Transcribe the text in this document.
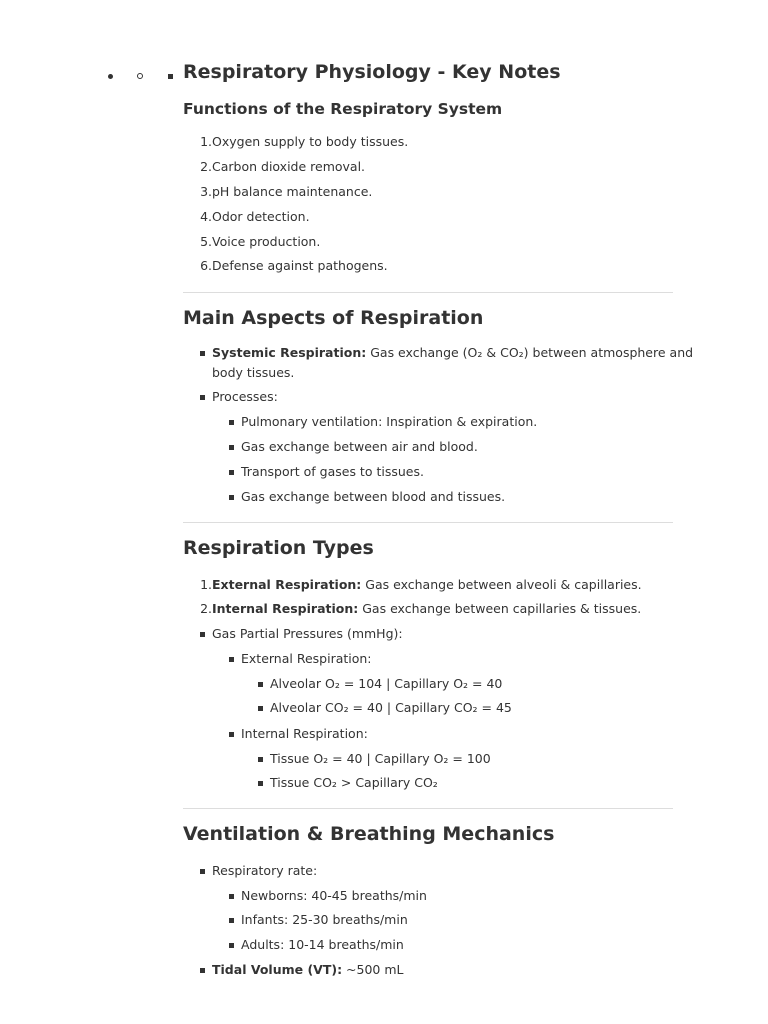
Respiratory Physiology - Key Notes
Functions of the Respiratory System
1. Oxygen supply to body tissues.
2. Carbon dioxide removal.
3. pH balance maintenance.
4. Odor detection.
5. Voice production.
6. Defense against pathogens.
Main Aspects of Respiration
Systemic Respiration: Gas exchange (O₂ & CO₂) between atmosphere and
body tissues.
Processes:
Pulmonary ventilation: Inspiration & expiration.
Gas exchange between air and blood.
Transport of gases to tissues.
Gas exchange between blood and tissues.
Respiration Types
1. External Respiration: Gas exchange between alveoli & capillaries.
2. Internal Respiration: Gas exchange between capillaries & tissues.
Gas Partial Pressures (mmHg):
External Respiration:
Alveolar O₂ = 104 | Capillary O₂ = 40
Alveolar CO₂ = 40 | Capillary CO₂ = 45
Internal Respiration:
Tissue O₂ = 40 | Capillary O₂ = 100
Tissue CO₂ > Capillary CO₂
Ventilation & Breathing Mechanics
Respiratory rate:
Newborns: 40-45 breaths/min
Infants: 25-30 breaths/min
Adults: 10-14 breaths/min
Tidal Volume (VT): ~500 mL
